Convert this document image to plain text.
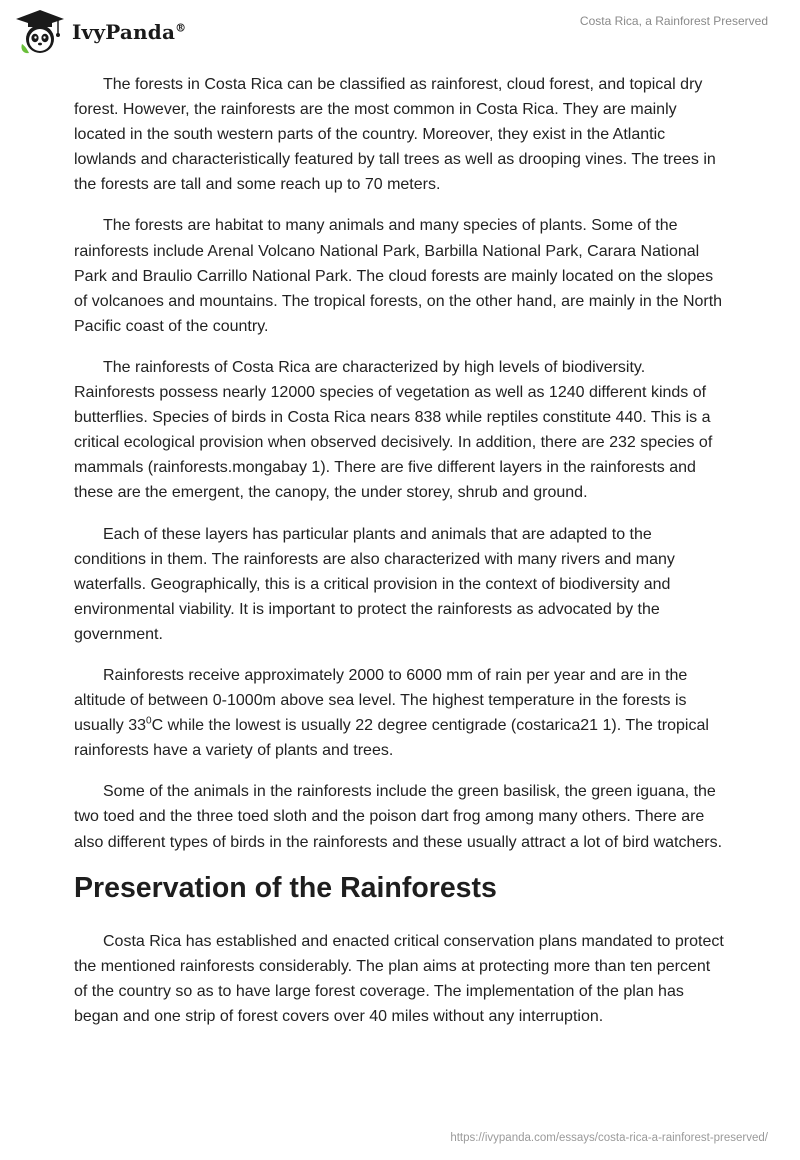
IvyPanda®	Costa Rica, a Rainforest Preserved

The forests in Costa Rica can be classified as rainforest, cloud forest, and topical dry forest. However, the rainforests are the most common in Costa Rica. They are mainly located in the south western parts of the country. Moreover, they exist in the Atlantic lowlands and characteristically featured by tall trees as well as drooping vines. The trees in the forests are tall and some reach up to 70 meters.

The forests are habitat to many animals and many species of plants. Some of the rainforests include Arenal Volcano National Park, Barbilla National Park, Carara National Park and Braulio Carrillo National Park. The cloud forests are mainly located on the slopes of volcanoes and mountains. The tropical forests, on the other hand, are mainly in the North Pacific coast of the country.

The rainforests of Costa Rica are characterized by high levels of biodiversity. Rainforests possess nearly 12000 species of vegetation as well as 1240 different kinds of butterflies. Species of birds in Costa Rica nears 838 while reptiles constitute 440. This is a critical ecological provision when observed decisively. In addition, there are 232 species of mammals (rainforests.mongabay 1). There are five different layers in the rainforests and these are the emergent, the canopy, the under storey, shrub and ground.

Each of these layers has particular plants and animals that are adapted to the conditions in them. The rainforests are also characterized with many rivers and many waterfalls. Geographically, this is a critical provision in the context of biodiversity and environmental viability. It is important to protect the rainforests as advocated by the government.

Rainforests receive approximately 2000 to 6000 mm of rain per year and are in the altitude of between 0-1000m above sea level. The highest temperature in the forests is usually $33^0C$ while the lowest is usually 22 degree centigrade (costarica21 1). The tropical rainforests have a variety of plants and trees.

Some of the animals in the rainforests include the green basilisk, the green iguana, the two toed and the three toed sloth and the poison dart frog among many others. There are also different types of birds in the rainforests and these usually attract a lot of bird watchers.

Preservation of the Rainforests

Costa Rica has established and enacted critical conservation plans mandated to protect the mentioned rainforests considerably. The plan aims at protecting more than ten percent of the country so as to have large forest coverage. The implementation of the plan has began and one strip of forest covers over 40 miles without any interruption.

https://ivypanda.com/essays/costa-rica-a-rainforest-preserved/
